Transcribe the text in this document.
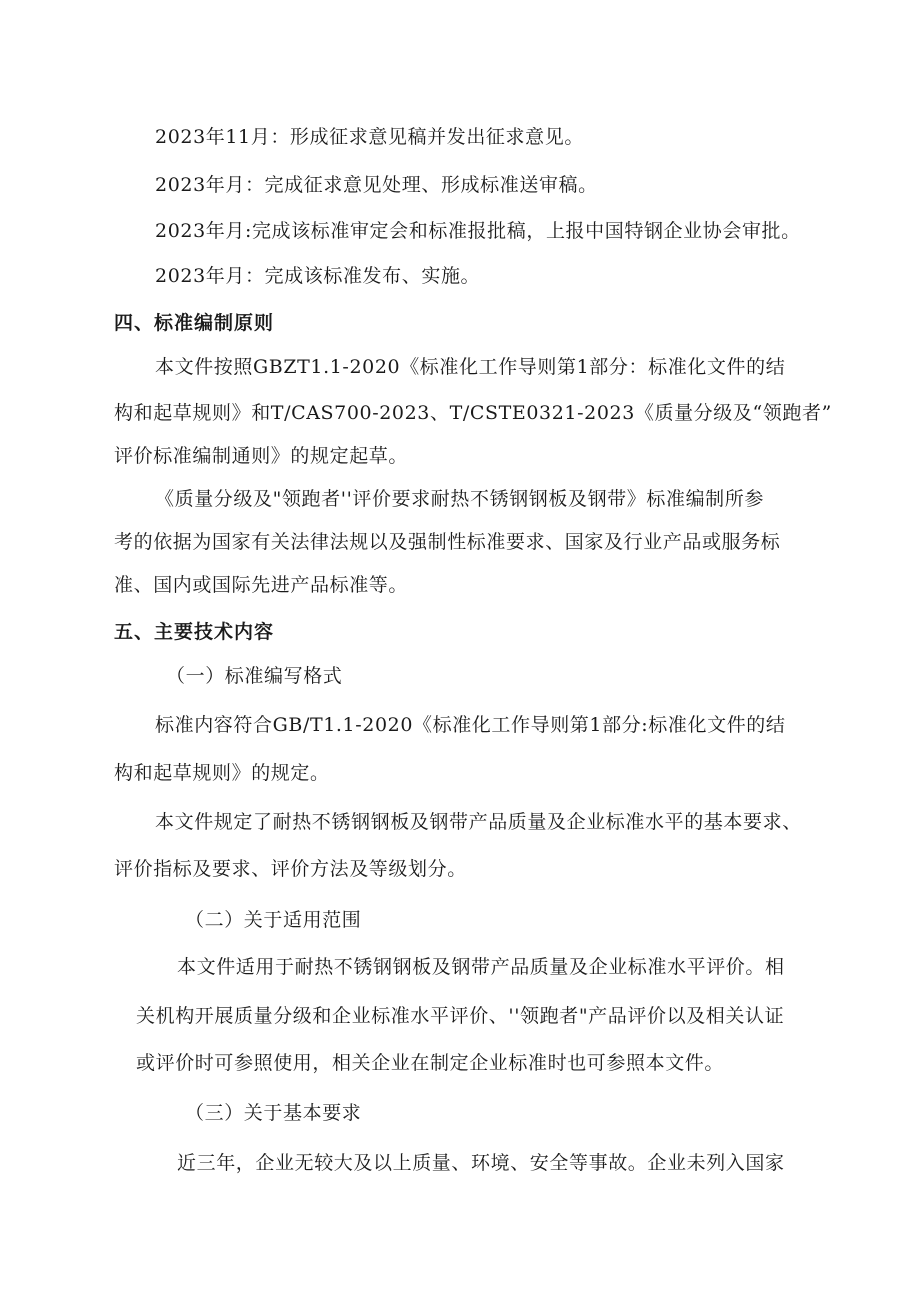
2023年11月：形成征求意见稿并发出征求意见。
2023年月：完成征求意见处理、形成标准送审稿。
2023年月:完成该标准审定会和标准报批稿，上报中国特钢企业协会审批。
2023年月：完成该标准发布、实施。
四、标准编制原则
本文件按照GBZT1.1-2020《标准化工作导则第1部分：标准化文件的结
构和起草规则》和T/CAS700-2023、T/CSTE0321-2023《质量分级及“领跑者”
评价标准编制通则》的规定起草。
《质量分级及"领跑者''评价要求耐热不锈钢钢板及钢带》标准编制所参
考的依据为国家有关法律法规以及强制性标准要求、国家及行业产品或服务标
准、国内或国际先进产品标准等。
五、主要技术内容
（一）标准编写格式
标准内容符合GB/T1.1-2020《标准化工作导则第1部分:标准化文件的结
构和起草规则》的规定。
本文件规定了耐热不锈钢钢板及钢带产品质量及企业标准水平的基本要求、
评价指标及要求、评价方法及等级划分。
（二）关于适用范围
本文件适用于耐热不锈钢钢板及钢带产品质量及企业标准水平评价。相
关机构开展质量分级和企业标准水平评价、''领跑者"产品评价以及相关认证
或评价时可参照使用，相关企业在制定企业标准时也可参照本文件。
（三）关于基本要求
近三年，企业无较大及以上质量、环境、安全等事故。企业未列入国家
